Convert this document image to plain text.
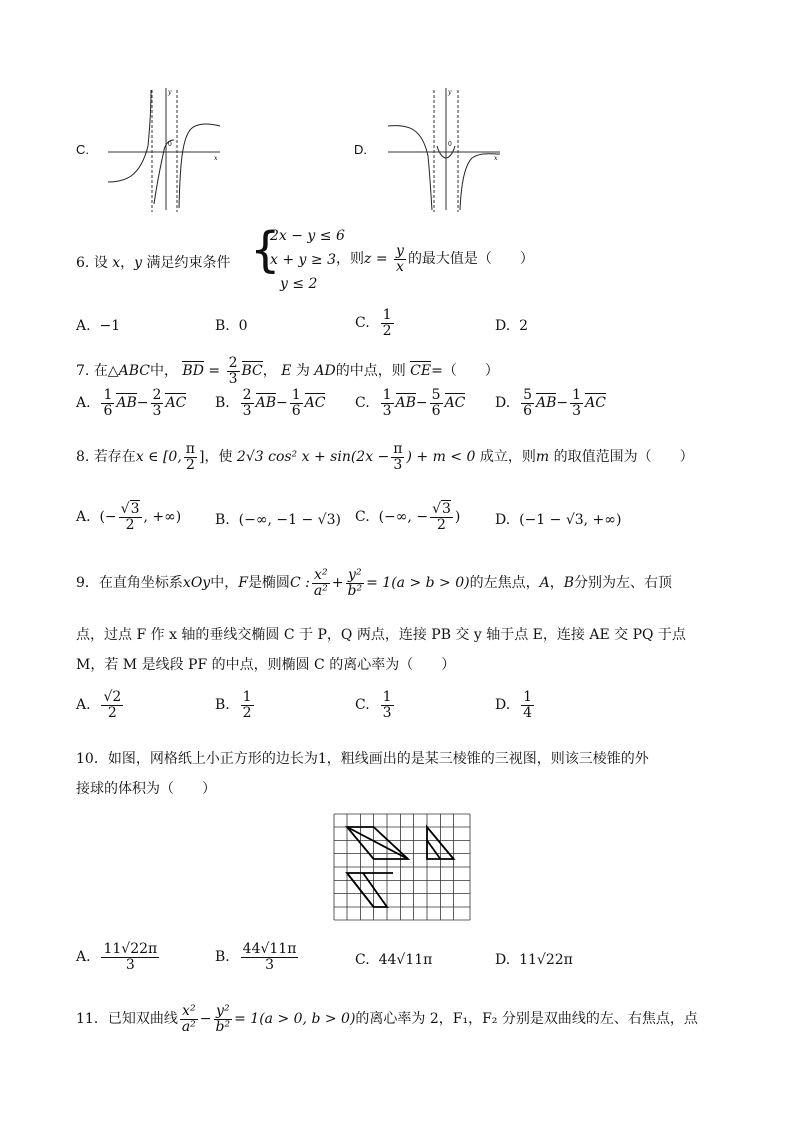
C.	0
x
y
D.	0
x
y
6. 设 x，y 满足约束条件 {
2x − y ≤ 6
x + y ≥ 3
y ≤ 2
，则$z = \frac{y}{x}$ 的最大值是（　　）
A. −1	B. 0	C. $\frac{1}{2}$	D. 2
7. 在△ABC中， BD = $\frac{2}{3}$ BC， E 为 AD的中点，则 CE=（　　）
A. $\frac{1}{6} AB- \frac{2}{3}$ AC B. $\frac{2}{3} AB- \frac{1}{6}$ AC C. $\frac{1}{3} AB- \frac{5}{6}$ AC D. $\frac{5}{6} AB- \frac{1}{3}$ AC
8. 若存在x ∈ [0, $\frac{\pi}{2}$ ]，使 2√3 cos² $x + \sin(2x - \frac{\pi}{3}$ ) + m < 0 成立，则m 的取值范围为（　　）
A. (− $\frac{√3}{2}$ , +∞) B. (−∞, −1 − √3) C. (−∞, − $\frac{√3}{2}$ ) D. (−1 − √3, +∞)
9．在直角坐标系xOy中，F是椭圆C : $\frac{\text{x²}}{\text{a²}} + \frac{\text{y²}}{\text{b²}} = 1(a > b > 0)$的左焦点，A，B分别为左、右顶
点，过点 F 作 x 轴的垂线交椭圆 C 于 P，Q 两点，连接 PB 交 y 轴于点 E，连接 AE 交 PQ 于点
M，若 M 是线段 PF 的中点，则椭圆 C 的离心率为（　　）
A. $\frac{√2}{2}$	B. $\frac{1}{2}$	C. $\frac{1}{3}$	D. $\frac{1}{4}$
10．如图，网格纸上小正方形的边长为1，粗线画出的是某三棱锥的三视图，则该三棱锥的外
接球的体积为（　　）
A. $\frac{11√22\pi}{3}$	B. $\frac{44√11\pi}{3}$	C. 44√11π	D. 11√22π
11．已知双曲线 $\frac{\text{x²}}{\text{a²}} - \frac{\text{y²}}{\text{b²}} = 1(a > 0$, b > 0)的离心率为 2，F₁，F₂ 分别是双曲线的左、右焦点，点
